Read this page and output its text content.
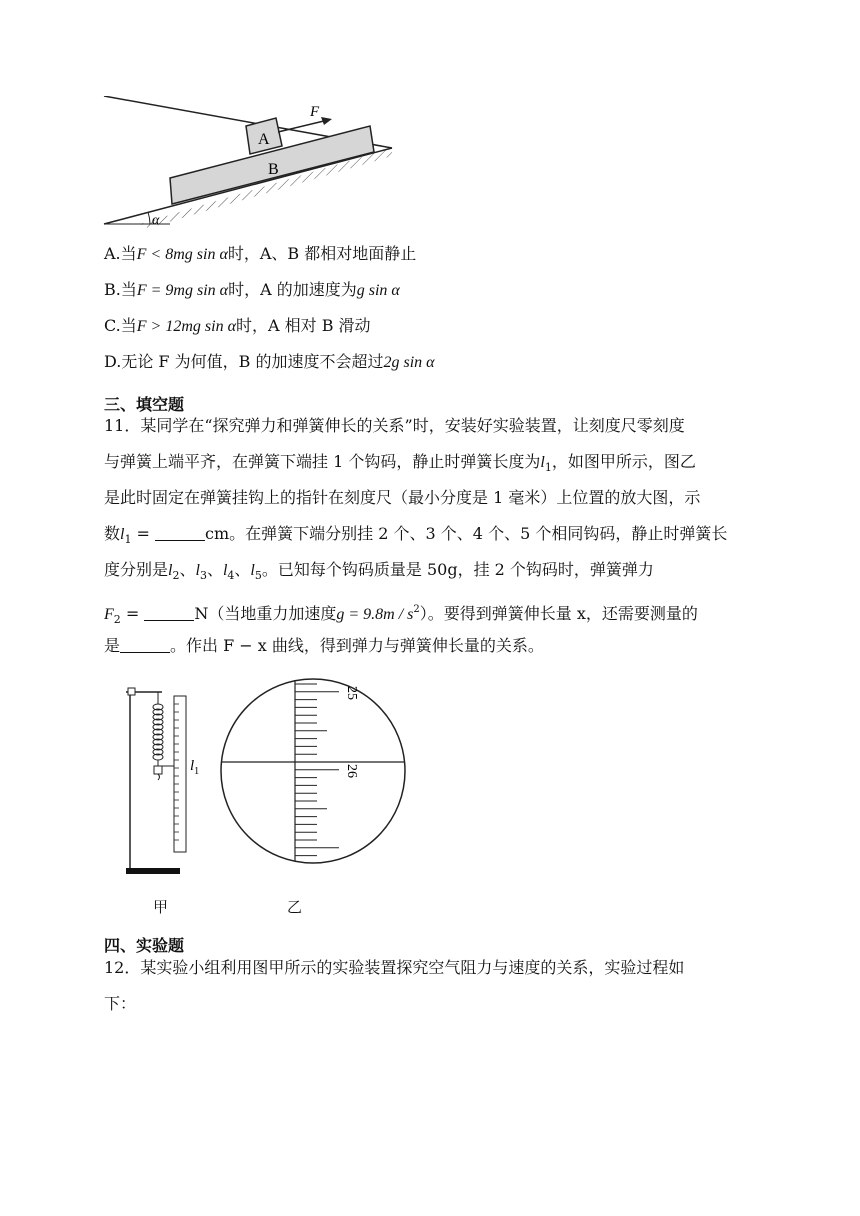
α
B
A
F
A.当F < 8mg sin α时，A、B 都相对地面静止
B.当F = 9mg sin α时，A 的加速度为g sin α
C.当F > 12mg sin α时，A 相对 B 滑动
D.无论 F 为何值，B 的加速度不会超过2g sin α
三、填空题
11．某同学在“探究弹力和弹簧伸长的关系”时，安装好实验装置，让刻度尺零刻度
与弹簧上端平齐，在弹簧下端挂 1 个钩码，静止时弹簧长度为$l_1$，如图甲所示，图乙
是此时固定在弹簧挂钩上的指针在刻度尺（最小分度是 1 毫米）上位置的放大图，示
数$l_1$ =	cm。在弹簧下端分别挂 2 个、3 个、4 个、5 个相同钩码，静止时弹簧长
度分别是$l_2$、$l_3$、$l_4$、$l_5$。已知每个钩码质量是 50g，挂 2 个钩码时，弹簧弹力
$F_2$ =	N（当地重力加速度$g = 9.8m / s^2$）。要得到弹簧伸长量 x，还需要测量的
是	。作出 F − x 曲线，得到弹力与弹簧伸长量的关系。
$l_1$
25
26
甲	乙
四、实验题
12．某实验小组利用图甲所示的实验装置探究空气阻力与速度的关系，实验过程如
下：
